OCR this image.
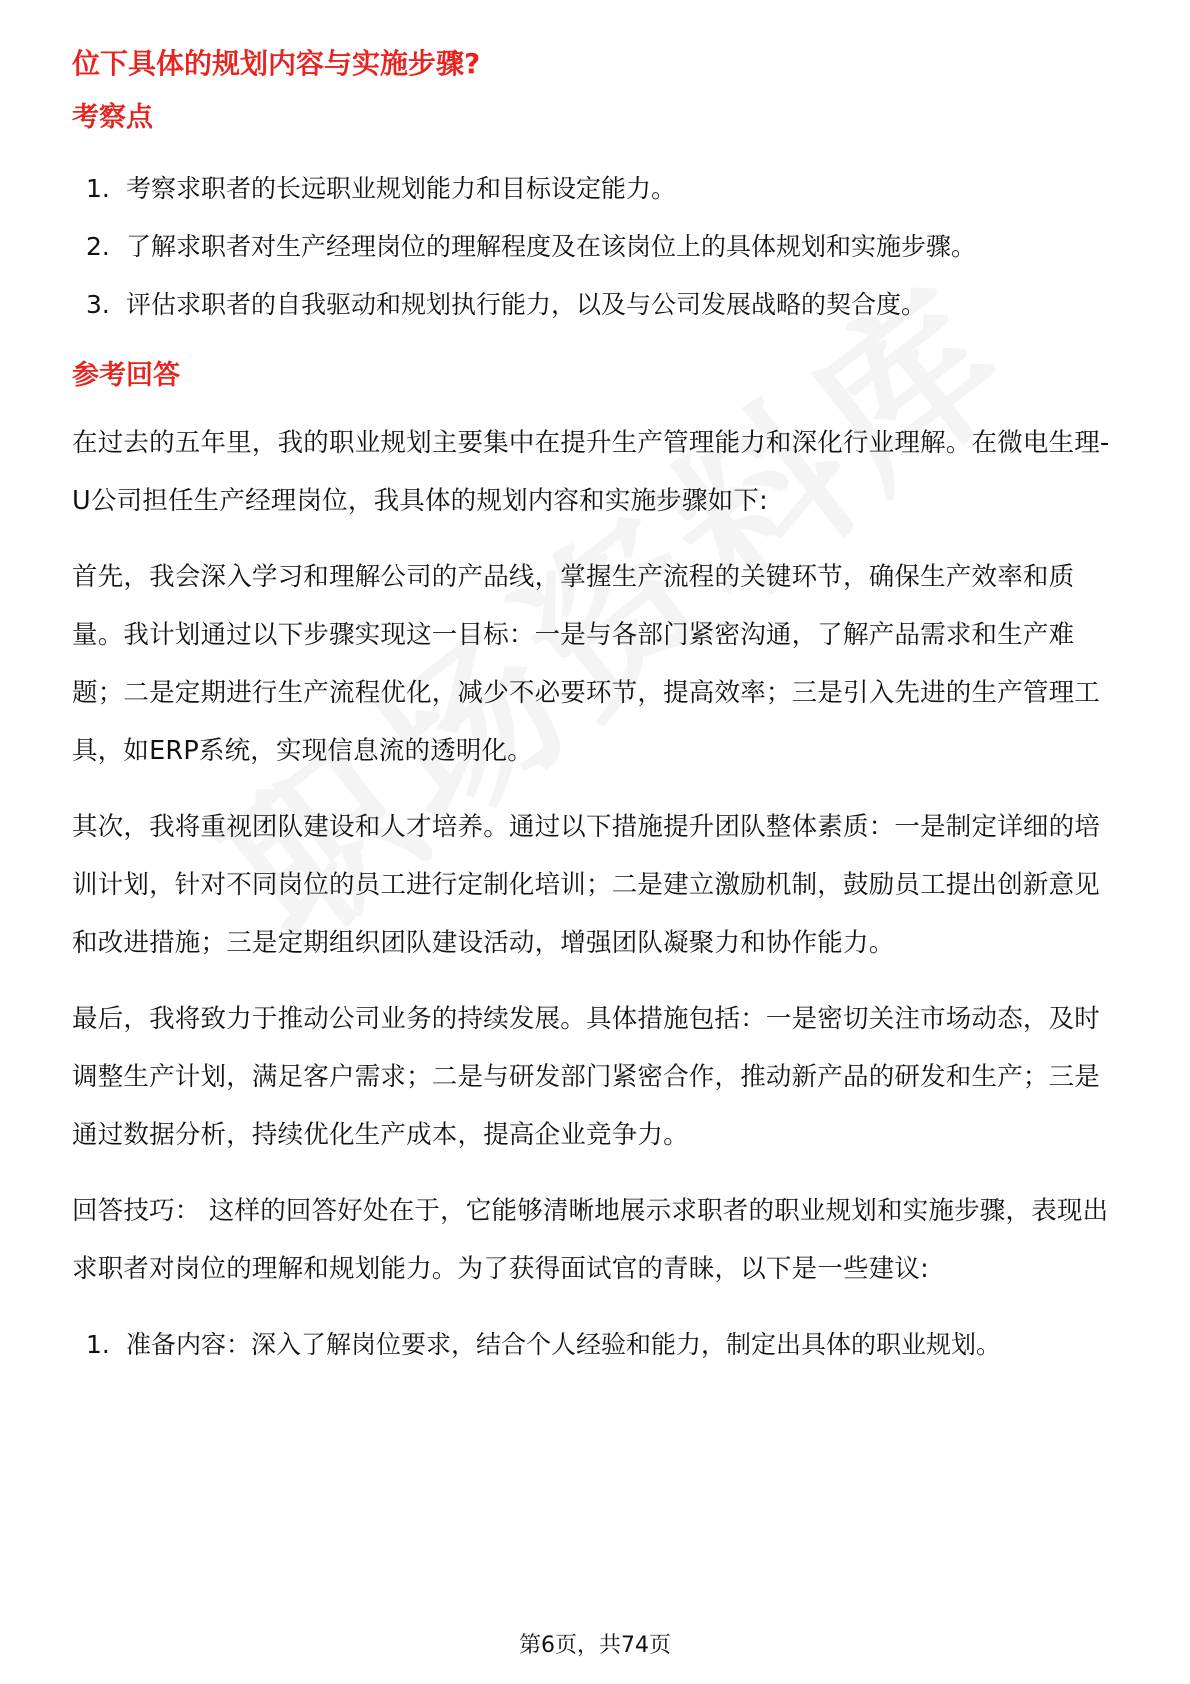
位下具体的规划内容与实施步骤?

考察点

1. 考察求职者的长远职业规划能力和目标设定能力。
2. 了解求职者对生产经理岗位的理解程度及在该岗位上的具体规划和实施步骤。
3. 评估求职者的自我驱动和规划执行能力，以及与公司发展战略的契合度。

参考回答

在过去的五年里，我的职业规划主要集中在提升生产管理能力和深化行业理解。在微电生理-U公司担任生产经理岗位，我具体的规划内容和实施步骤如下:

首先，我会深入学习和理解公司的产品线，掌握生产流程的关键环节，确保生产效率和质量。我计划通过以下步骤实现这一目标：一是与各部门紧密沟通，了解产品需求和生产难题；二是定期进行生产流程优化，减少不必要环节，提高效率；三是引入先进的生产管理工具，如ERP系统，实现信息流的透明化。

其次，我将重视团队建设和人才培养。通过以下措施提升团队整体素质：一是制定详细的培训计划，针对不同岗位的员工进行定制化培训；二是建立激励机制，鼓励员工提出创新意见和改进措施；三是定期组织团队建设活动，增强团队凝聚力和协作能力。

最后，我将致力于推动公司业务的持续发展。具体措施包括：一是密切关注市场动态，及时调整生产计划，满足客户需求；二是与研发部门紧密合作，推动新产品的研发和生产；三是通过数据分析，持续优化生产成本，提高企业竞争力。

回答技巧： 这样的回答好处在于，它能够清晰地展示求职者的职业规划和实施步骤，表现出求职者对岗位的理解和规划能力。为了获得面试官的青睐，以下是一些建议:

1. 准备内容：深入了解岗位要求，结合个人经验和能力，制定出具体的职业规划。
第6页，共74页
